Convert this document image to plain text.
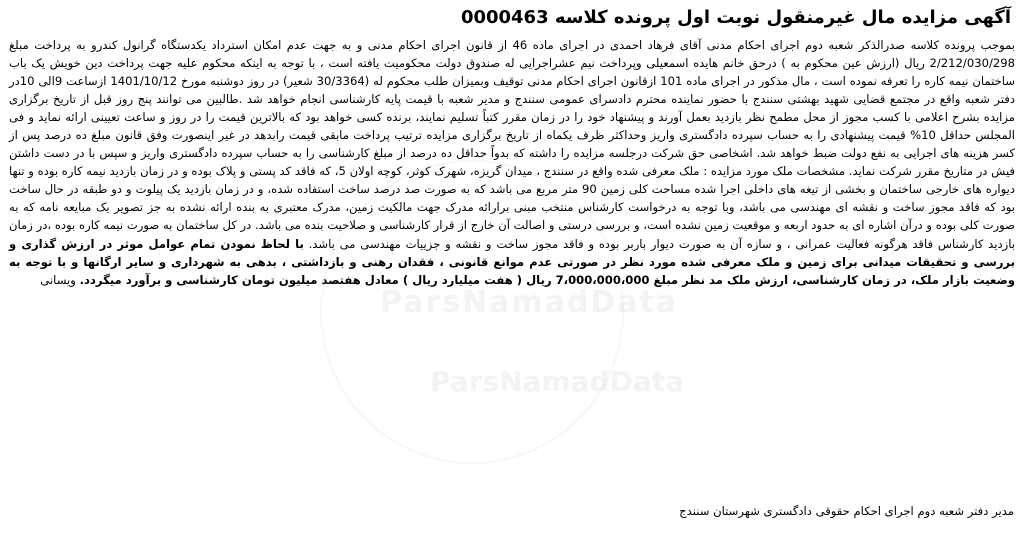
آگهی مزایده مال غیرمنقول نوبت اول پرونده کلاسه 0000463

بموجب پرونده کلاسه صدرالذکر شعبه دوم اجرای احکام مدنی آقای فرهاد احمدی در اجرای ماده 46 از قانون اجرای احکام مدنی و به جهت عدم امکان استرداد یکدستگاه گرانول کندرو به پرداخت مبلغ 2/212/030/298 ریال (ارزش عین محکوم به ) درحق خانم هایده اسمعیلی وپرداخت نیم عشراجرایی له صندوق دولت محکومیت یافته است ، با توجه به اینکه محکوم علیه جهت پرداخت دین خویش یک باب ساختمان نیمه کاره را تعرفه نموده است ، مال مذکور در اجرای ماده 101 ازقانون اجرای احکام مدنی توقیف وبمیزان طلب محکوم له (30/3364 شعیر) در روز دوشنبه مورخ 1401/10/12 ازساعت 9الی 10در دفتر شعبه واقع در مجتمع قضایی شهید بهشتی سنندج با حضور نماینده محترم دادسرای عمومی سنندج و مدیر شعبه با قیمت پایه کارشناسی انجام خواهد شد .طالبین می توانند پنج روز قبل از تاریخ برگزاری مزایده بشرح اعلامی با کسب مجوز از محل مطمح نظر بازدید بعمل آورند و پیشنهاد خود را در زمان مقرر کتباً تسلیم نمایند، برنده کسی خواهد بود که بالاترین قیمت را در روز و ساعت تعیینی ارائه نماید و فی المجلس حداقل 10% قیمت پیشنهادی را به حساب سپرده دادگستری واریز وحداکثر ظرف یکماه از تاریخ برگزاری مزایده ترتیب پرداخت مابقی قیمت رابدهد در غیر اینصورت وفق قانون مبلغ ده درصد پس از کسر هزینه های اجرایی به نفع دولت ضبط خواهد شد. اشخاصی حق شرکت درجلسه مزایده را داشته که بدواً حداقل ده درصد از مبلغ کارشناسی را به حساب سپرده دادگستری واریز و سپس با در دست داشتن فیش در متاریخ مقرر شرکت نماید. مشخصات ملک مورد مزایده : ملک معرفی شده واقع در سنندج ، میدان گریزه، شهرک کوثر، کوچه اولان 5، که فاقد کد پستی و پلاک بوده و در زمان بازدید نیمه کاره بوده و تنها دیواره های خارجی ساختمان و بخشی از تیغه های داخلی اجرا شده مساحت کلی زمین 90 متر مربع می باشد که به صورت صد درصد ساخت استفاده شده، و در زمان بازدید یک پیلوت و دو طبقه در حال ساخت بود که فاقد مجوز ساخت و نقشه ای مهندسی می باشد، وبا توجه به درخواست کارشناس منتخب مبنی برارائه مدرک جهت مالکیت زمین، مدرک معتبری به بنده ارائه نشده به جز تصویر یک مبایعه نامه که به صورت کلی بوده و درآن اشاره ای به حدود اربعه و موقعیت زمین نشده است، و بررسی درستی و اصالت آن خارج از قرار کارشناسی و صلاحیت بنده می باشد. در کل ساختمان به صورت نیمه کاره بوده ،در زمان بازدید کارشناس فاقد هرگونه فعالیت عمرانی ، و سازه آن به صورت دیوار باربر بوده و فاقد مجوز ساخت و نقشه و جزییات مهندسی می باشد. با لحاظ نمودن تمام عوامل موثر در ارزش گذاری و بررسی و تحقیقات میدانی برای زمین و ملک معرفی شده مورد نظر در صورتی عدم موانع قانونی ، فقدان رهنی و بازداشتی ، بدهی به شهرداری و سایر ارگانها و با توجه به وضعیت بازار ملک، در زمان کارشناسی، ارزش ملک مد نظر مبلغ 7،000،000،000 ریال ( هفت میلیارد ریال ) معادل هفتصد میلیون تومان کارشناسی و برآورد میگردد. ویسانی

مدیر دفتر شعبه دوم اجرای احکام حقوقی دادگستری شهرستان سنندج
ParsNamadData
ParsNamadData
